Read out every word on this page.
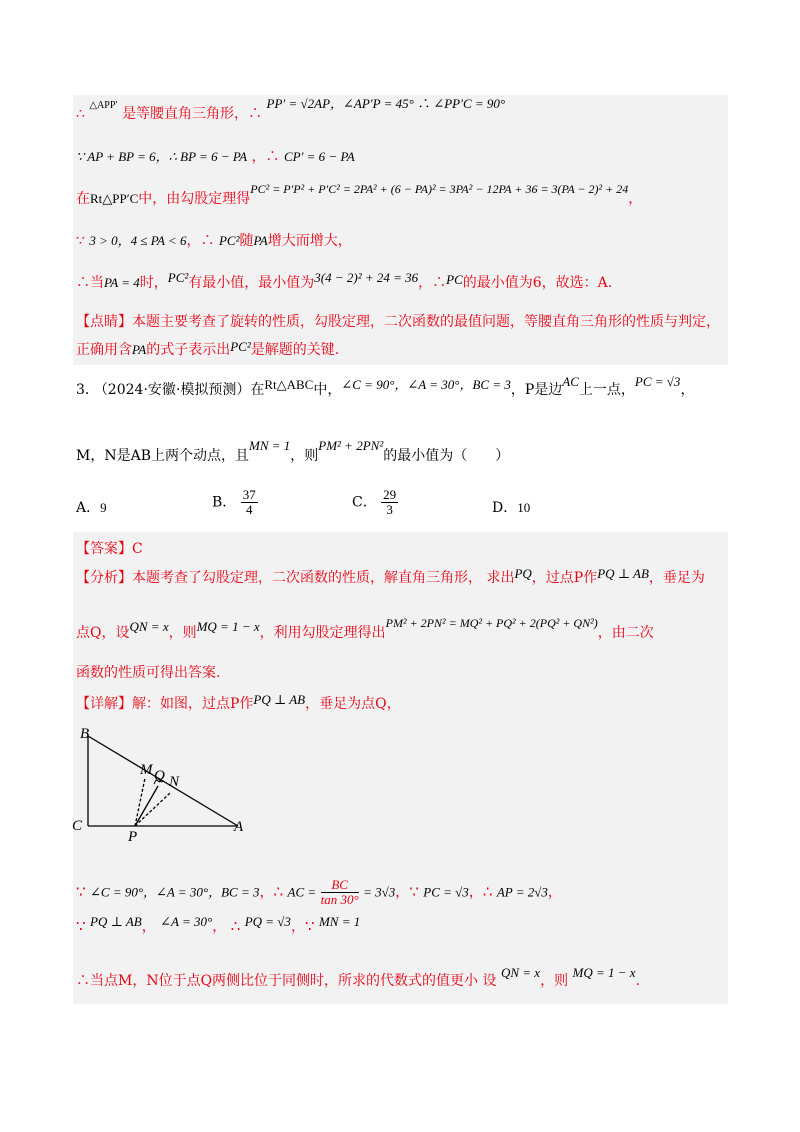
∴ $^{\triangle APP'}$ 是等腰直角三角形，∴ PP′ = √2AP，∠AP′P = 45° ∴ ∠PP′C = 90°
∵ AP + BP = 6，∴ BP = 6 − PA ，∴ CP′ = 6 − PA
在Rt△PP′C中，由勾股定理得PC² = P′P² + P′C² = 2PA² + (6 − PA)² = 3PA² − 12PA + 36 = 3(PA − 2)² + 24，
∵ 3 > 0，4 ≤ PA < 6，∴ PC²随PA增大而增大，
∴当PA = 4时，PC²有最小值，最小值为3(4 − 2)² + 24 = 36，∴PC的最小值为6，故选：A.
【点睛】本题主要考查了旋转的性质，勾股定理，二次函数的最值问题，等腰直角三角形的性质与判定，
正确用含PA的式子表示出PC²是解题的关键.
3. （2024·安徽·模拟预测）在Rt△ABC中，∠C = 90°，∠A = 30°，BC = 3，P是边AC上一点，PC = √3，
M，N是AB上两个动点，且MN = 1，则PM² + 2PN²的最小值为（　　）
A．9	B． $\frac{37}{4}$	C． $\frac{29}{3}$	D．10
【答案】C
【分析】本题考查了勾股定理，二次函数的性质，解直角三角形， 求出PQ，过点P作PQ ⊥ AB，垂足为
点Q，设QN = x，则MQ = 1 − x，利用勾股定理得出PM² + 2PN² = MQ² + PQ² + 2(PQ² + QN²)，由二次
函数的性质可得出答案.
【详解】解：如图，过点P作PQ ⊥ AB，垂足为点Q，
B
M Q N
C
P
A
∵ ∠C = 90°，∠A = 30°，BC = 3，∴ AC = $\frac{BC}{\tan 30^\circ} = 3√3$，∵ PC = √3，∴ AP = 2√3，
∵ PQ ⊥ AB， ∠A = 30°， ∴ PQ = √3，∵ MN = 1
∴当点M，N位于点Q两侧比位于同侧时，所求的代数式的值更小 设 QN = x，则 MQ = 1 − x.
